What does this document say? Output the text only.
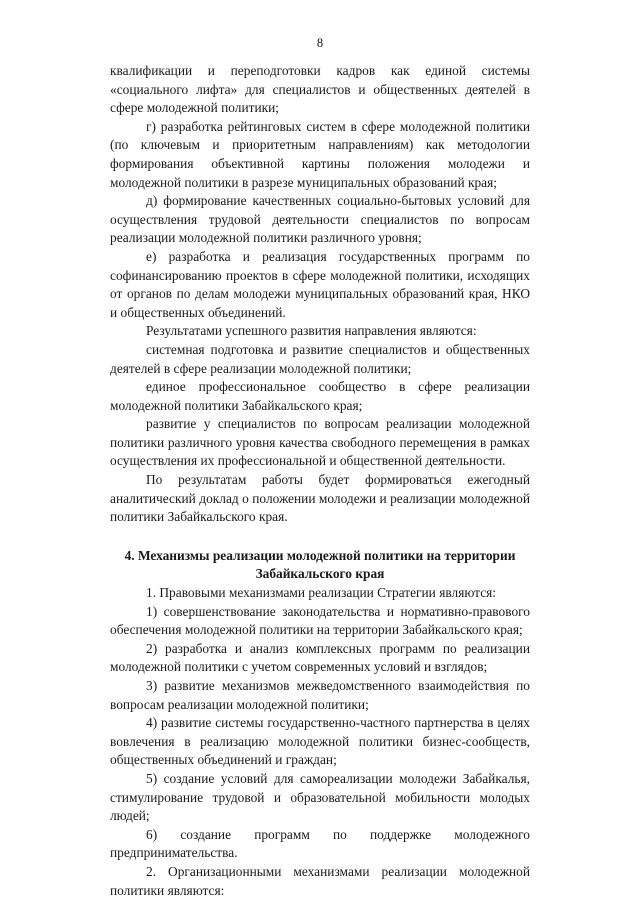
8

квалификации и переподготовки кадров как единой системы «социального лифта» для специалистов и общественных деятелей в сфере молодежной политики;

г) разработка рейтинговых систем в сфере молодежной политики (по ключевым и приоритетным направлениям) как методологии формирования объективной картины положения молодежи и молодежной политики в разрезе муниципальных образований края;

д) формирование качественных социально-бытовых условий для осуществления трудовой деятельности специалистов по вопросам реализации молодежной политики различного уровня;

е) разработка и реализация государственных программ по софинансированию проектов в сфере молодежной политики, исходящих от органов по делам молодежи муниципальных образований края, НКО и общественных объединений.

Результатами успешного развития направления являются:

системная подготовка и развитие специалистов и общественных деятелей в сфере реализации молодежной политики;

единое профессиональное сообщество в сфере реализации молодежной политики Забайкальского края;

развитие у специалистов по вопросам реализации молодежной политики различного уровня качества свободного перемещения в рамках осуществления их профессиональной и общественной деятельности.

По результатам работы будет формироваться ежегодный аналитический доклад о положении молодежи и реализации молодежной политики Забайкальского края.

4. Механизмы реализации молодежной политики на территории Забайкальского края

1. Правовыми механизмами реализации Стратегии являются:

1) совершенствование законодательства и нормативно-правового обеспечения молодежной политики на территории Забайкальского края;

2) разработка и анализ комплексных программ по реализации молодежной политики с учетом современных условий и взглядов;

3) развитие механизмов межведомственного взаимодействия по вопросам реализации молодежной политики;

4) развитие системы государственно-частного партнерства в целях вовлечения в реализацию молодежной политики бизнес-сообществ, общественных объединений и граждан;

5) создание условий для самореализации молодежи Забайкалья, стимулирование трудовой и образовательной мобильности молодых людей;

6) создание программ по поддержке молодежного предпринимательства.

2. Организационными механизмами реализации молодежной политики являются:
